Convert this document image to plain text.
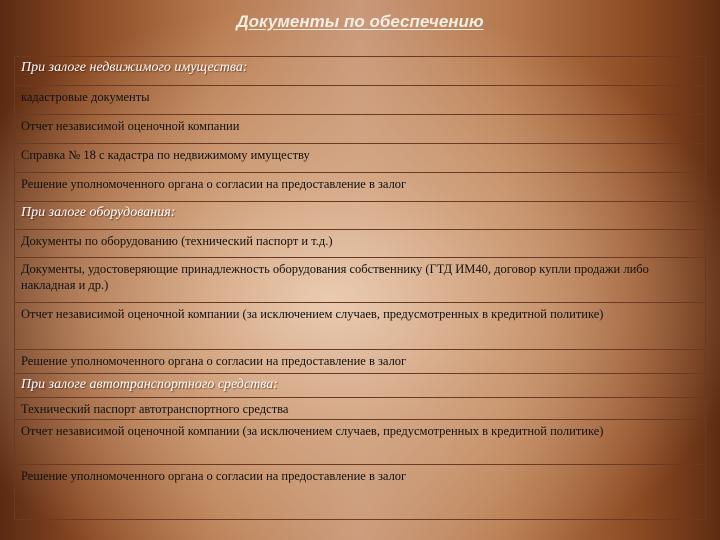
Документы по обеспечению
При залоге недвижимого имущества:
кадастровые документы
Отчет независимой оценочной компании
Справка № 18 с кадастра по недвижимому имуществу
Решение уполномоченного органа о согласии на предоставление в залог
При залоге оборудования:
Документы по оборудованию (технический паспорт и т.д.)
Документы, удостоверяющие принадлежность оборудования собственнику (ГТД ИМ40, договор купли продажи либо накладная и др.)
Отчет независимой оценочной компании (за исключением случаев, предусмотренных в кредитной политике)
Решение уполномоченного органа о согласии на предоставление в залог
При залоге автотранспортного средства:
Технический паспорт автотранспортного средства
Отчет независимой оценочной компании (за исключением случаев, предусмотренных в кредитной политике)
Решение уполномоченного органа о согласии на предоставление в залог
